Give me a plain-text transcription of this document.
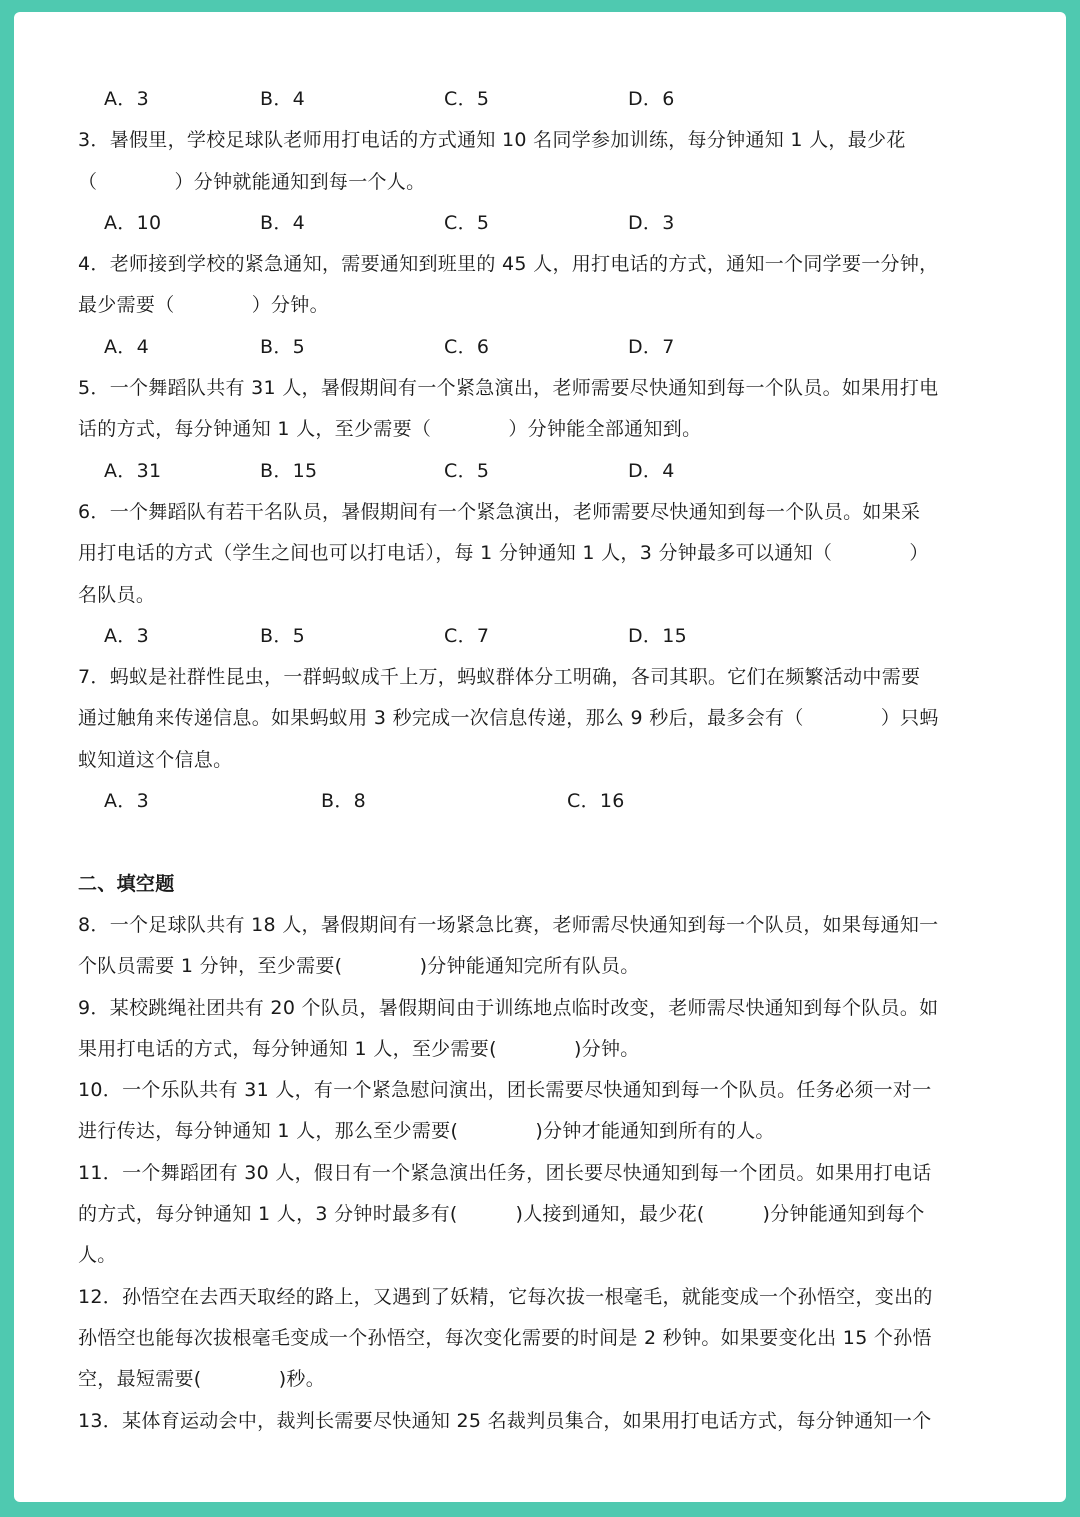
A．3	B．4	C．5	D．6
3．暑假里，学校足球队老师用打电话的方式通知 10 名同学参加训练，每分钟通知 1 人，最少花
（　　　　）分钟就能通知到每一个人。
A．10	B．4	C．5	D．3
4．老师接到学校的紧急通知，需要通知到班里的 45 人，用打电话的方式，通知一个同学要一分钟，
最少需要（　　　　）分钟。
A．4	B．5	C．6	D．7
5．一个舞蹈队共有 31 人，暑假期间有一个紧急演出，老师需要尽快通知到每一个队员。如果用打电
话的方式，每分钟通知 1 人，至少需要（　　　　）分钟能全部通知到。
A．31	B．15	C．5	D．4
6．一个舞蹈队有若干名队员，暑假期间有一个紧急演出，老师需要尽快通知到每一个队员。如果采
用打电话的方式（学生之间也可以打电话），每 1 分钟通知 1 人，3 分钟最多可以通知（　　　　）
名队员。
A．3	B．5	C．7	D．15
7．蚂蚁是社群性昆虫，一群蚂蚁成千上万，蚂蚁群体分工明确，各司其职。它们在频繁活动中需要
通过触角来传递信息。如果蚂蚁用 3 秒完成一次信息传递，那么 9 秒后，最多会有（　　　　）只蚂
蚁知道这个信息。
A．3	B．8	C．16
二、填空题
8．一个足球队共有 18 人，暑假期间有一场紧急比赛，老师需尽快通知到每一个队员，如果每通知一
个队员需要 1 分钟，至少需要(　　　　)分钟能通知完所有队员。
9．某校跳绳社团共有 20 个队员，暑假期间由于训练地点临时改变，老师需尽快通知到每个队员。如
果用打电话的方式，每分钟通知 1 人，至少需要(　　　　)分钟。
10．一个乐队共有 31 人，有一个紧急慰问演出，团长需要尽快通知到每一个队员。任务必须一对一
进行传达，每分钟通知 1 人，那么至少需要(　　　　)分钟才能通知到所有的人。
11．一个舞蹈团有 30 人，假日有一个紧急演出任务，团长要尽快通知到每一个团员。如果用打电话
的方式，每分钟通知 1 人，3 分钟时最多有(　　　)人接到通知，最少花(　　　)分钟能通知到每个
人。
12．孙悟空在去西天取经的路上，又遇到了妖精，它每次拔一根毫毛，就能变成一个孙悟空，变出的
孙悟空也能每次拔根毫毛变成一个孙悟空，每次变化需要的时间是 2 秒钟。如果要变化出 15 个孙悟
空，最短需要(　　　　)秒。
13．某体育运动会中，裁判长需要尽快通知 25 名裁判员集合，如果用打电话方式，每分钟通知一个
